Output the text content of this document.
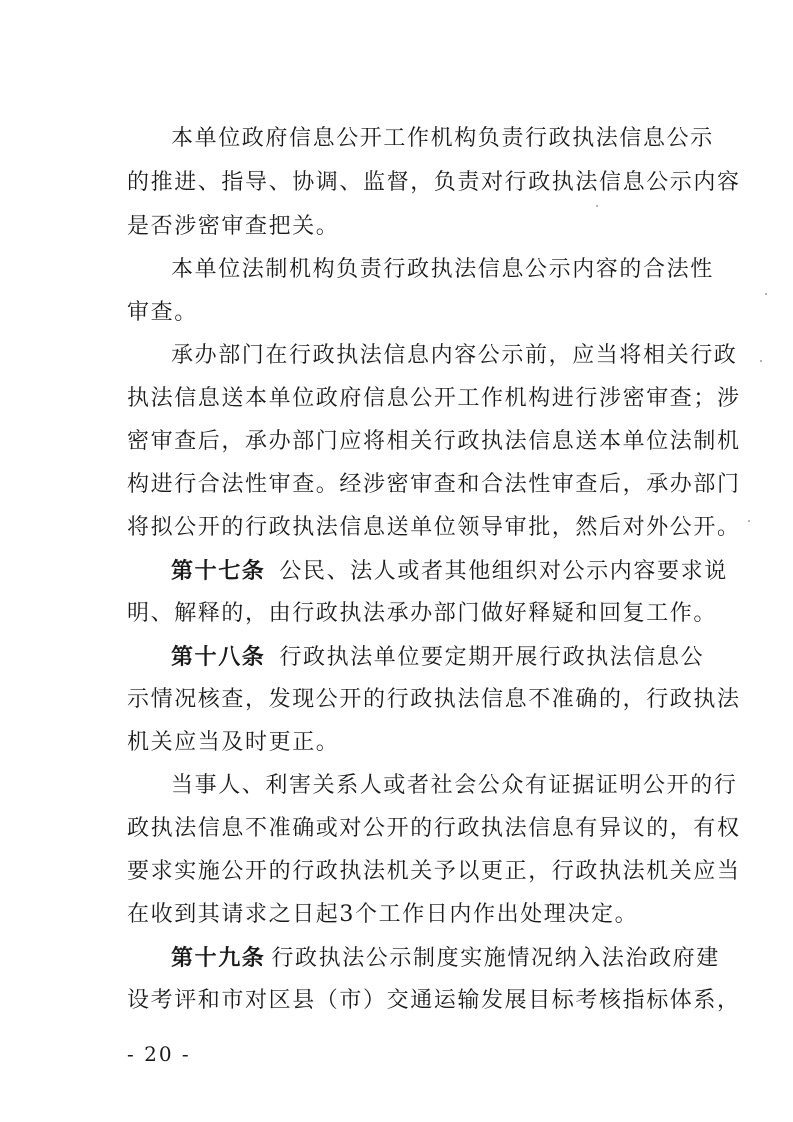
本单位政府信息公开工作机构负责行政执法信息公示
的推进、指导、协调、监督，负责对行政执法信息公示内容
是否涉密审查把关。
本单位法制机构负责行政执法信息公示内容的合法性
审查。
承办部门在行政执法信息内容公示前，应当将相关行政
执法信息送本单位政府信息公开工作机构进行涉密审查；涉
密审查后，承办部门应将相关行政执法信息送本单位法制机
构进行合法性审查。经涉密审查和合法性审查后，承办部门
将拟公开的行政执法信息送单位领导审批，然后对外公开。
第十七条 公民、法人或者其他组织对公示内容要求说
明、解释的，由行政执法承办部门做好释疑和回复工作。
第十八条 行政执法单位要定期开展行政执法信息公
示情况核查，发现公开的行政执法信息不准确的，行政执法
机关应当及时更正。
当事人、利害关系人或者社会公众有证据证明公开的行
政执法信息不准确或对公开的行政执法信息有异议的，有权
要求实施公开的行政执法机关予以更正，行政执法机关应当
在收到其请求之日起3个工作日内作出处理决定。
第十九条 行政执法公示制度实施情况纳入法治政府建
设考评和市对区县（市）交通运输发展目标考核指标体系，
- 20 -
